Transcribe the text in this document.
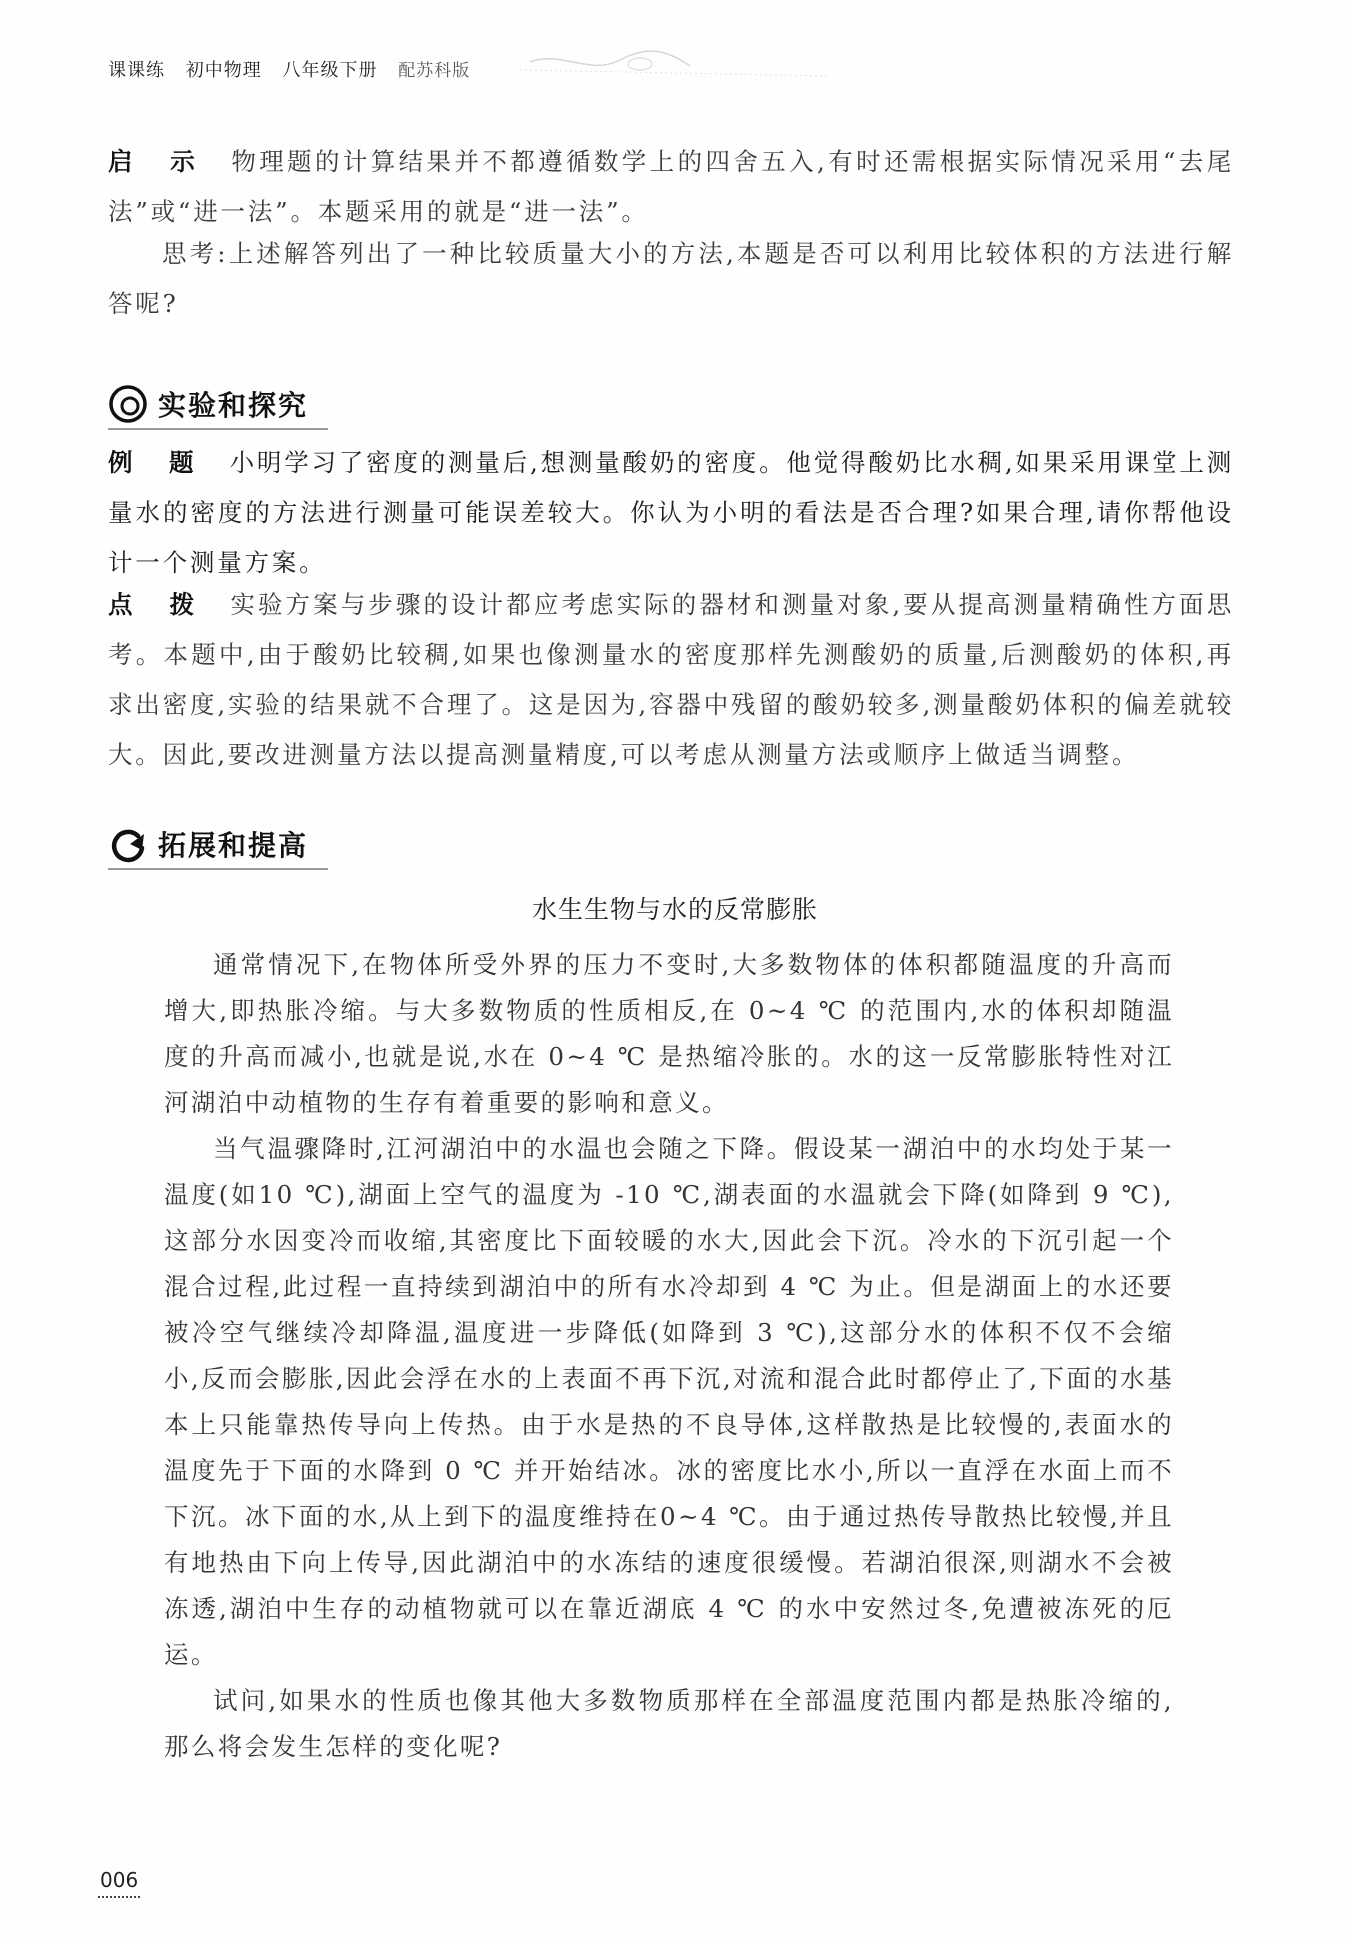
课课练 初中物理 八年级下册 配苏科版
启 示 物理题的计算结果并不都遵循数学上的四舍五入,有时还需根据实际情况采用“去尾法”或“进一法”。本题采用的就是“进一法”。
思考:上述解答列出了一种比较质量大小的方法,本题是否可以利用比较体积的方法进行解答呢?
实验和探究
例 题 小明学习了密度的测量后,想测量酸奶的密度。他觉得酸奶比水稠,如果采用课堂上测量水的密度的方法进行测量可能误差较大。你认为小明的看法是否合理?如果合理,请你帮他设计一个测量方案。
点 拨 实验方案与步骤的设计都应考虑实际的器材和测量对象,要从提高测量精确性方面思考。本题中,由于酸奶比较稠,如果也像测量水的密度那样先测酸奶的质量,后测酸奶的体积,再求出密度,实验的结果就不合理了。这是因为,容器中残留的酸奶较多,测量酸奶体积的偏差就较大。因此,要改进测量方法以提高测量精度,可以考虑从测量方法或顺序上做适当调整。
拓展和提高
水生生物与水的反常膨胀

通常情况下,在物体所受外界的压力不变时,大多数物体的体积都随温度的升高而增大,即热胀冷缩。与大多数物质的性质相反,在 0~4 ℃ 的范围内,水的体积却随温度的升高而减小,也就是说,水在 0~4 ℃ 是热缩冷胀的。水的这一反常膨胀特性对江河湖泊中动植物的生存有着重要的影响和意义。

当气温骤降时,江河湖泊中的水温也会随之下降。假设某一湖泊中的水均处于某一温度(如10 ℃),湖面上空气的温度为 -10 ℃,湖表面的水温就会下降(如降到 9 ℃),这部分水因变冷而收缩,其密度比下面较暖的水大,因此会下沉。冷水的下沉引起一个混合过程,此过程一直持续到湖泊中的所有水冷却到 4 ℃ 为止。但是湖面上的水还要被冷空气继续冷却降温,温度进一步降低(如降到 3 ℃),这部分水的体积不仅不会缩小,反而会膨胀,因此会浮在水的上表面不再下沉,对流和混合此时都停止了,下面的水基本上只能靠热传导向上传热。由于水是热的不良导体,这样散热是比较慢的,表面水的温度先于下面的水降到 0 ℃ 并开始结冰。冰的密度比水小,所以一直浮在水面上而不下沉。冰下面的水,从上到下的温度维持在0~4 ℃。由于通过热传导散热比较慢,并且有地热由下向上传导,因此湖泊中的水冻结的速度很缓慢。若湖泊很深,则湖水不会被冻透,湖泊中生存的动植物就可以在靠近湖底 4 ℃ 的水中安然过冬,免遭被冻死的厄运。

试问,如果水的性质也像其他大多数物质那样在全部温度范围内都是热胀冷缩的,那么将会发生怎样的变化呢?

006
